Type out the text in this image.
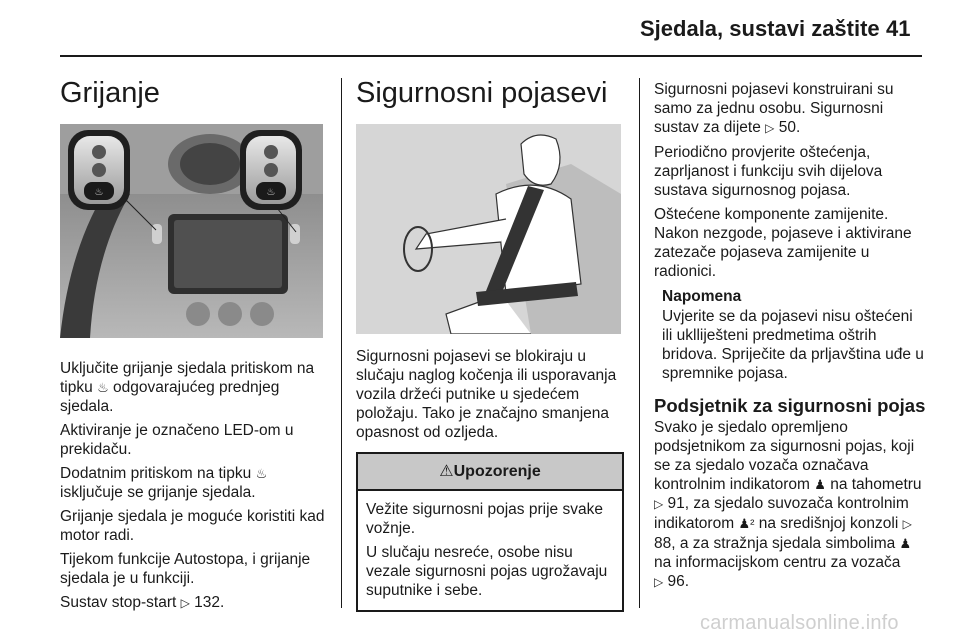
Sjedala, sustavi zaštite 41
Grijanje
♨	♨

Uključite grijanje sjedala pritiskom na tipku ♨ odgovarajućeg prednjeg sjedala.

Aktiviranje je označeno LED-om u prekidaču.

Dodatnim pritiskom na tipku ♨ isključuje se grijanje sjedala.

Grijanje sjedala je moguće koristiti kad motor radi.

Tijekom funkcije Autostopa, i grijanje sjedala je u funkciji.

Sustav stop-start ▷ 132.

Sigurnosni pojasevi

Sigurnosni pojasevi se blokiraju u slučaju naglog kočenja ili usporavanja vozila držeći putnike u sjedećem položaju. Tako je značajno smanjena opasnost od ozljeda.

⚠Upozorenje

Vežite sigurnosni pojas prije svake vožnje.

U slučaju nesreće, osobe nisu vezale sigurnosni pojas ugrožavaju suputnike i sebe.

Sigurnosni pojasevi konstruirani su samo za jednu osobu. Sigurnosni sustav za dijete ▷ 50.

Periodično provjerite oštećenja, zaprljanost i funkciju svih dijelova sustava sigurnosnog pojasa.

Oštećene komponente zamijenite. Nakon nezgode, pojaseve i aktivirane zatezače pojaseva zamijenite u radionici.

Napomena
Uvjerite se da pojasevi nisu oštećeni ili uklliješteni predmetima oštrih bridova. Spriječite da prljavština uđe u spremnike pojasa.
Podsjetnik za sigurnosni pojas

Svako je sjedalo opremljeno podsjetnikom za sigurnosni pojas, koji se za sjedalo vozača označava kontrolnim indikatorom ♟ na tahometru ▷ 91, za sjedalo suvozača kontrolnim indikatorom ♟² na središnjoj konzoli ▷ 88, a za stražnja sjedala simbolima ♟ na informacijskom centru za vozača
▷ 96.

carmanualsonline.info
